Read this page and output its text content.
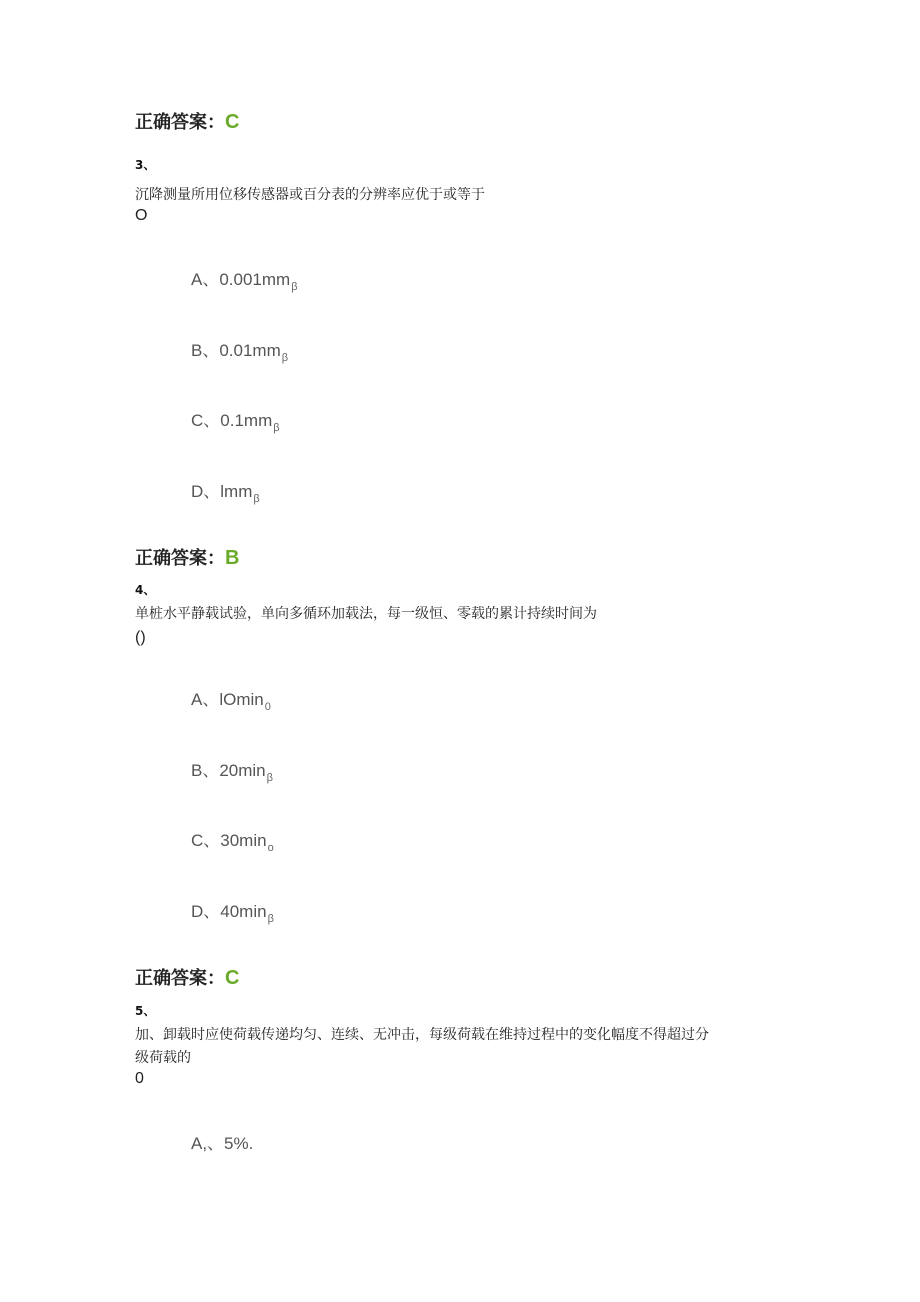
正确答案：C
3、
沉降测量所用位移传感器或百分表的分辨率应优于或等于
O
A、$0.001mm_\beta$
B、$0.01mm_\beta$
C、$0.1mm_\beta$
D、lmm$_\beta$
正确答案：B
4、
单桩水平静载试验，单向多循环加载法，每一级恒、零载的累计持续时间为
()
A、lOmin$_0$
B、$20\min_\beta$
C、$30\min_o$
D、$40\min_\beta$
正确答案：C
5、
加、卸载时应使荷载传递均匀、连续、无冲击，每级荷载在维持过程中的变化幅度不得超过分
级荷载的
0
A,、5%.
